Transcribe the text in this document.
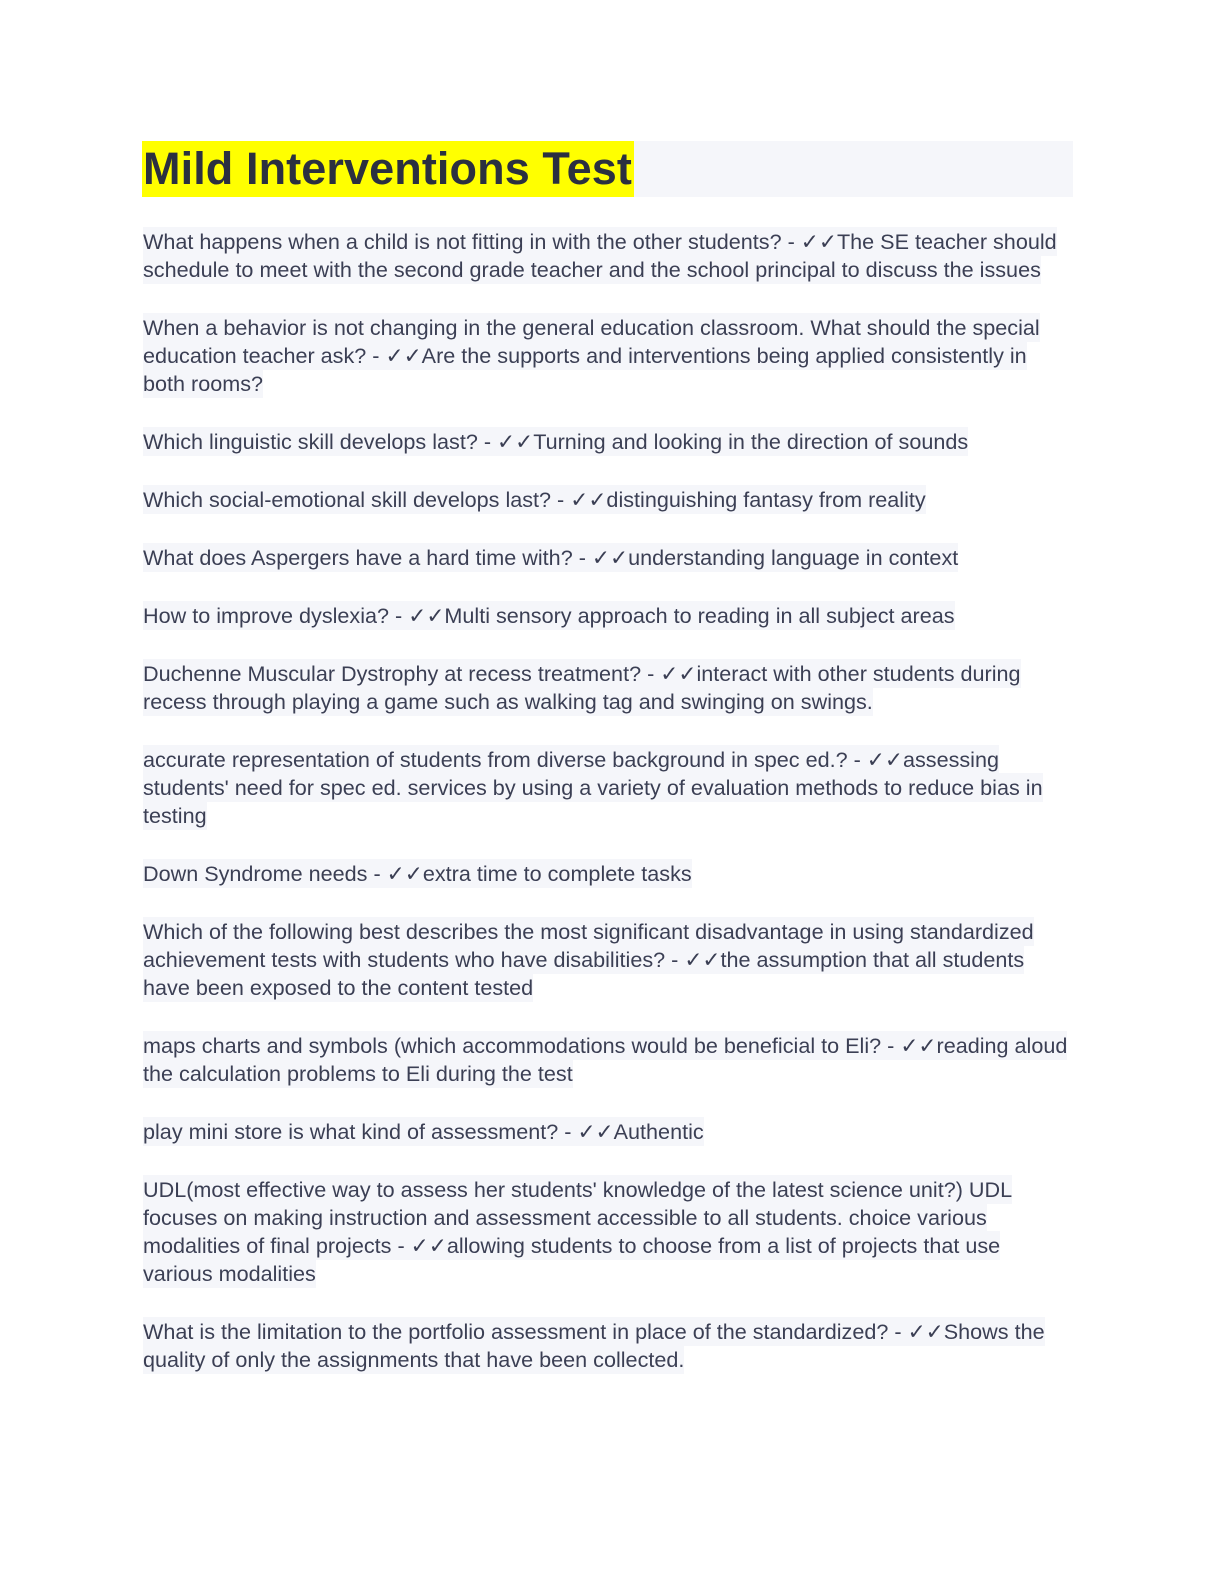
Mild Interventions Test

What happens when a child is not fitting in with the other students? - ✓✓The SE teacher should schedule to meet with the second grade teacher and the school principal to discuss the issues

When a behavior is not changing in the general education classroom. What should the special education teacher ask? - ✓✓Are the supports and interventions being applied consistently in both rooms?

Which linguistic skill develops last? - ✓✓Turning and looking in the direction of sounds

Which social-emotional skill develops last? - ✓✓distinguishing fantasy from reality

What does Aspergers have a hard time with? - ✓✓understanding language in context

How to improve dyslexia? - ✓✓Multi sensory approach to reading in all subject areas

Duchenne Muscular Dystrophy at recess treatment? - ✓✓interact with other students during recess through playing a game such as walking tag and swinging on swings.

accurate representation of students from diverse background in spec ed.? - ✓✓assessing students' need for spec ed. services by using a variety of evaluation methods to reduce bias in testing

Down Syndrome needs - ✓✓extra time to complete tasks

Which of the following best describes the most significant disadvantage in using standardized achievement tests with students who have disabilities? - ✓✓the assumption that all students have been exposed to the content tested

maps charts and symbols (which accommodations would be beneficial to Eli? - ✓✓reading aloud the calculation problems to Eli during the test

play mini store is what kind of assessment? - ✓✓Authentic

UDL(most effective way to assess her students' knowledge of the latest science unit?) UDL focuses on making instruction and assessment accessible to all students. choice various modalities of final projects - ✓✓allowing students to choose from a list of projects that use various modalities

What is the limitation to the portfolio assessment in place of the standardized? - ✓✓Shows the quality of only the assignments that have been collected.
